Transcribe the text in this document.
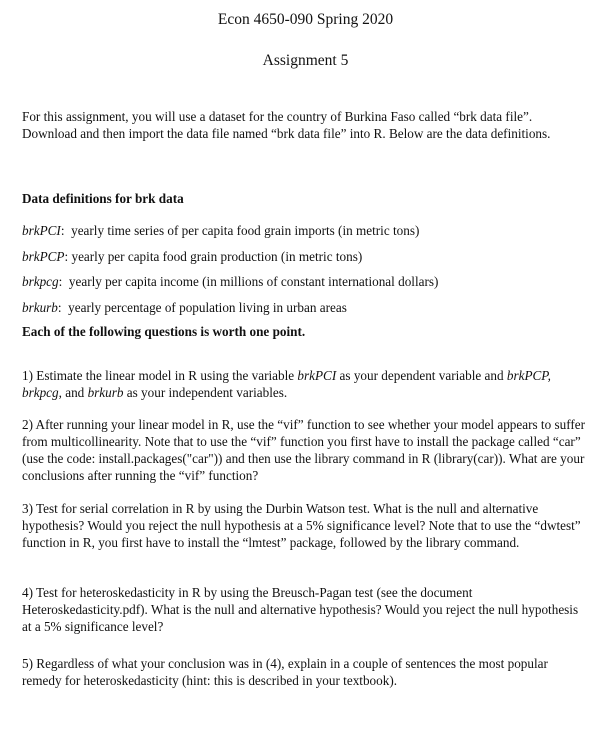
Econ 4650-090 Spring 2020
Assignment 5

For this assignment, you will use a dataset for the country of Burkina Faso called “brk data file”. Download and then import the data file named “brk data file” into R. Below are the data definitions.

Data definitions for brk data
brkPCI:  yearly time series of per capita food grain imports (in metric tons)
brkPCP: yearly per capita food grain production (in metric tons)
brkpcg:  yearly per capita income (in millions of constant international dollars)
brkurb:  yearly percentage of population living in urban areas
Each of the following questions is worth one point.

1) Estimate the linear model in R using the variable brkPCI as your dependent variable and brkPCP, brkpcg, and brkurb as your independent variables.

2) After running your linear model in R, use the “vif” function to see whether your model appears to suffer from multicollinearity. Note that to use the “vif” function you first have to install the package called “car” (use the code: install.packages("car")) and then use the library command in R (library(car)). What are your conclusions after running the “vif” function?

3) Test for serial correlation in R by using the Durbin Watson test. What is the null and alternative hypothesis? Would you reject the null hypothesis at a 5% significance level? Note that to use the “dwtest” function in R, you first have to install the “lmtest” package, followed by the library command.

4) Test for heteroskedasticity in R by using the Breusch-Pagan test (see the document Heteroskedasticity.pdf). What is the null and alternative hypothesis? Would you reject the null hypothesis at a 5% significance level?

5) Regardless of what your conclusion was in (4), explain in a couple of sentences the most popular remedy for heteroskedasticity (hint: this is described in your textbook).
